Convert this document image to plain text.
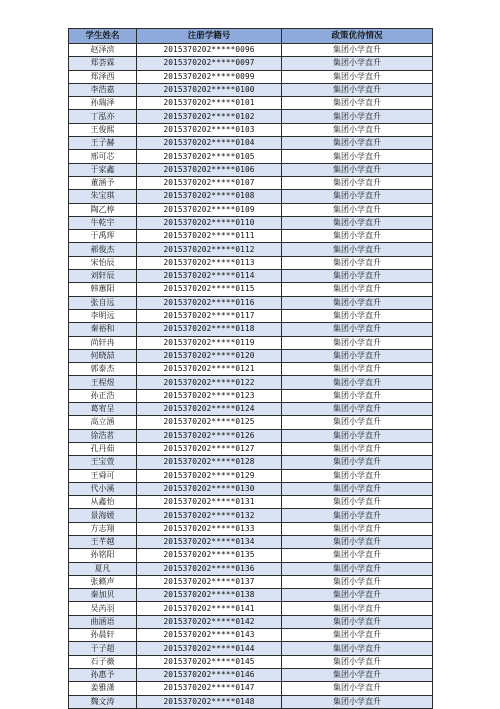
学生姓名	注册学籍号	政策优待情况
赵泽滨	2015370202*****0096	集团小学直升
郑荟霖	2015370202*****0097	集团小学直升
郑泽西	2015370202*****0099	集团小学直升
李浩嘉	2015370202*****0100	集团小学直升
孙瑞泽	2015370202*****0101	集团小学直升
丁泓亦	2015370202*****0102	集团小学直升
王俊熙	2015370202*****0103	集团小学直升
王子赫	2015370202*****0104	集团小学直升
邢可芯	2015370202*****0105	集团小学直升
于家鑫	2015370202*****0106	集团小学直升
董涵予	2015370202*****0107	集团小学直升
朱宝琪	2015370202*****0108	集团小学直升
陶乙椁	2015370202*****0109	集团小学直升
牛乾宇	2015370202*****0110	集团小学直升
于禹珲	2015370202*****0111	集团小学直升
郝俊杰	2015370202*****0112	集团小学直升
宋怡辰	2015370202*****0113	集团小学直升
刘轩辰	2015370202*****0114	集团小学直升
韩蕙阳	2015370202*****0115	集团小学直升
张自远	2015370202*****0116	集团小学直升
李明远	2015370202*****0117	集团小学直升
秦裕和	2015370202*****0118	集团小学直升
尚轩冉	2015370202*****0119	集团小学直升
何晓喆	2015370202*****0120	集团小学直升
郭泰杰	2015370202*****0121	集团小学直升
王程煜	2015370202*****0122	集团小学直升
孙正浩	2015370202*****0123	集团小学直升
葛宥呈	2015370202*****0124	集团小学直升
高立涵	2015370202*****0125	集团小学直升
徐浩茗	2015370202*****0126	集团小学直升
孔丹茹	2015370202*****0127	集团小学直升
王宝萱	2015370202*****0128	集团小学直升
王舜可	2015370202*****0129	集团小学直升
代小溪	2015370202*****0130	集团小学直升
从鑫怡	2015370202*****0131	集团小学直升
景海媛	2015370202*****0132	集团小学直升
方志翔	2015370202*****0133	集团小学直升
王芊越	2015370202*****0134	集团小学直升
孙铭阳	2015370202*****0135	集团小学直升
夏凡	2015370202*****0136	集团小学直升
张籁声	2015370202*****0137	集团小学直升
秦加贝	2015370202*****0138	集团小学直升
吴芮羽	2015370202*****0141	集团小学直升
曲涵语	2015370202*****0142	集团小学直升
孙晨轩	2015370202*****0143	集团小学直升
于子超	2015370202*****0144	集团小学直升
石子薇	2015370202*****0145	集团小学直升
孙惠予	2015370202*****0146	集团小学直升
姜雅潇	2015370202*****0147	集团小学直升
魏文涛	2015370202*****0148	集团小学直升
